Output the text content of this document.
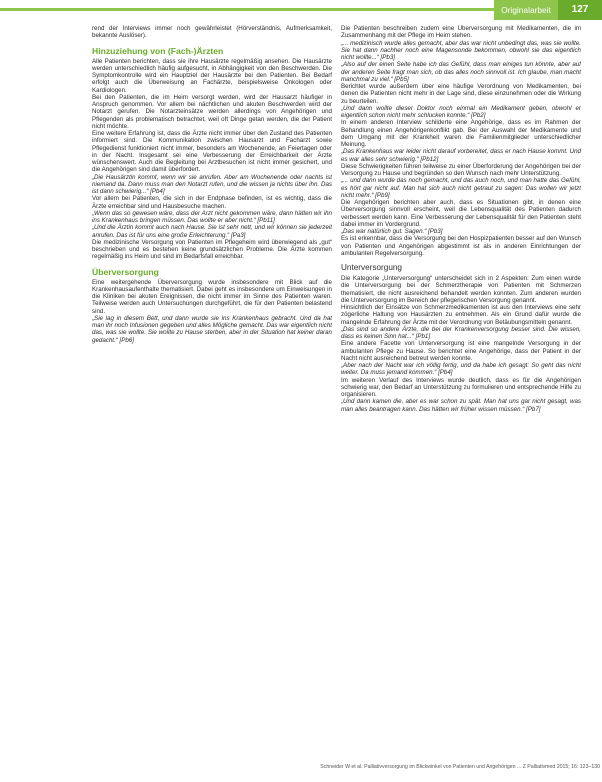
Originalarbeit	127

rend der Interviews immer noch gewährleistet (Hörverständnis, Aufmerksamkeit, bekannte Auslöser).

Hinzuziehung von (Fach-)Ärzten

Alle Patienten berichten, dass sie ihre Hausärzte regelmäßig ansehen. Die Hausärzte werden unterschiedlich häufig aufgesucht, in Abhängigkeit von den Beschwerden. Die Symptomkontrolle wird ein Hauptziel der Hausärzte bei den Patienten. Bei Bedarf erfolgt auch die Überweisung an Fachärzte, beispielsweise Onkologen oder Kardiologen.

Bei den Patienten, die im Heim versorgt werden, wird der Hausarzt häufiger in Anspruch genommen. Vor allem bei nächtlichen und akuten Beschwerden wird der Notarzt gerufen. Die Notarzteinsätze werden allerdings von Angehörigen und Pflegenden als problematisch betrachtet, weil oft Dinge getan werden, die der Patient nicht möchte.

Eine weitere Erfahrung ist, dass die Ärzte nicht immer über den Zustand des Patienten informiert sind. Die Kommunikation zwischen Hausarzt und Facharzt sowie Pflegedienst funktioniert nicht immer, besonders am Wochenende, an Feiertagen oder in der Nacht. Insgesamt sei eine Verbesserung der Erreichbarkeit der Ärzte wünschenswert. Auch die Begleitung bei Arztbesuchen ist nicht immer gesichert, und die Angehörigen sind damit überfordert.

„Die Hausärztin kommt, wenn wir sie anrufen. Aber am Wochenende oder nachts ist niemand da. Dann muss man den Notarzt rufen, und die wissen ja nichts über ihn. Das ist dann schwierig...“ [Pb4]

Vor allem bei Patienten, die sich in der Endphase befinden, ist es wichtig, dass die Ärzte erreichbar sind und Hausbesuche machen.

„Wenn das so gewesen wäre, dass der Arzt nicht gekommen wäre, dann hätten wir ihn ins Krankenhaus bringen müssen. Das wollte er aber nicht.“ [Pb11]

„Und die Ärztin kommt auch nach Hause. Sie ist sehr nett, und wir können sie jederzeit anrufen. Das ist für uns eine große Erleichterung.“ [Pa3]

Die medizinische Versorgung von Patienten im Pflegeheim wird überwiegend als „gut“ beschrieben und es bestehen keine grundsätzlichen Probleme. Die Ärzte kommen regelmäßig ins Heim und sind im Bedarfsfall erreichbar.

Überversorgung

Eine weitergehende Überversorgung wurde insbesondere mit Blick auf die Krankenhausaufenthalte thematisiert. Dabei geht es insbesondere um Einweisungen in die Kliniken bei akuten Ereignissen, die nicht immer im Sinne des Patienten waren. Teilweise werden auch Untersuchungen durchgeführt, die für den Patienten belastend sind.

„Sie lag in diesem Bett, und dann wurde sie ins Krankenhaus gebracht. Und da hat man ihr noch Infusionen gegeben und alles Mögliche gemacht. Das war eigentlich nicht das, was sie wollte. Sie wollte zu Hause sterben, aber in der Situation hat keiner daran gedacht.“ [Pb6]

Die Patienten beschreiben zudem eine Überversorgung mit Medikamenten, die im Zusammenhang mit der Pflege im Heim stehen.

„... medizinisch wurde alles gemacht, aber das war nicht unbedingt das, was sie wollte. Sie hat dann nachher noch eine Magensonde bekommen, obwohl sie das eigentlich nicht wollte...“ [Pb3]

„Also auf der einen Seite habe ich das Gefühl, dass man einiges tun könnte, aber auf der anderen Seite fragt man sich, ob das alles noch sinnvoll ist. Ich glaube, man macht manchmal zu viel.“ [Pb5]

Berichtet wurde außerdem über eine häufige Verordnung von Medikamenten, bei denen die Patienten nicht mehr in der Lage sind, diese einzunehmen oder die Wirkung zu beurteilen.

„Und dann wollte dieser Doktor noch einmal ein Medikament geben, obwohl er eigentlich schon nicht mehr schlucken konnte.“ [Pb2]

In einem anderen Interview schilderte eine Angehörige, dass es im Rahmen der Behandlung einen Angehörigenkonflikt gab. Bei der Auswahl der Medikamente und dem Umgang mit der Krankheit waren die Familienmitglieder unterschiedlicher Meinung.

„Das Krankenhaus war leider nicht darauf vorbereitet, dass er nach Hause kommt. Und es war alles sehr schwierig.“ [Pb12]

Diese Schwierigkeiten führen teilweise zu einer Überforderung der Angehörigen bei der Versorgung zu Hause und begründen so den Wunsch nach mehr Unterstützung.

„... und dann wurde das noch gemacht, und das auch noch, und man hatte das Gefühl, es hört gar nicht auf. Man hat sich auch nicht getraut zu sagen: Das wollen wir jetzt nicht mehr.“ [Pb9]

Die Angehörigen berichten aber auch, dass es Situationen gibt, in denen eine Überversorgung sinnvoll erscheint, weil die Lebensqualität des Patienten dadurch verbessert werden kann. Eine Verbesserung der Lebensqualität für den Patienten steht dabei immer im Vordergrund.

„Das war natürlich gut. Sagen.“ [Pb3]

Es ist erkennbar, dass die Versorgung bei den Hospizpatienten besser auf den Wunsch von Patienten und Angehörigen abgestimmt ist als in anderen Einrichtungen der ambulanten Regelversorgung.

Unterversorgung

Die Kategorie „Unterversorgung“ unterscheidet sich in 2 Aspekten: Zum einen wurde die Unterversorgung bei der Schmerztherapie von Patienten mit Schmerzen thematisiert, die nicht ausreichend behandelt werden konnten. Zum anderen wurden die Unterversorgung im Bereich der pflegerischen Versorgung genannt.

Hinsichtlich der Einsätze von Schmerzmedikamenten ist aus den Interviews eine sehr zögerliche Haltung von Hausärzten zu entnehmen. Als ein Grund dafür wurde die mangelnde Erfahrung der Ärzte mit der Verordnung von Betäubungsmitteln genannt.

„Das sind so andere Ärzte, die bei der Krankenversorgung besser sind. Die wissen, dass es keinen Sinn hat...“ [Pb1]

Eine andere Facette von Unterversorgung ist eine mangelnde Versorgung in der ambulanten Pflege zu Hause. So berichtet eine Angehörige, dass der Patient in der Nacht nicht ausreichend betreut werden konnte.

„Aber nach der Nacht war ich völlig fertig, und da habe ich gesagt: So geht das nicht weiter. Da muss jemand kommen.“ [Pb4]

Im weiteren Verlauf des Interviews wurde deutlich, dass es für die Angehörigen schwierig war, den Bedarf an Unterstützung zu formulieren und entsprechende Hilfe zu organisieren.

„Und dann kamen die, aber es war schon zu spät. Man hat uns gar nicht gesagt, was man alles beantragen kann. Das hätten wir früher wissen müssen.“ [Pb7]

Schneider W et al. Palliativversorgung im Blickwinkel von Patienten und Angehörigen ... Z Palliativmed 2015; 16: 123–130
